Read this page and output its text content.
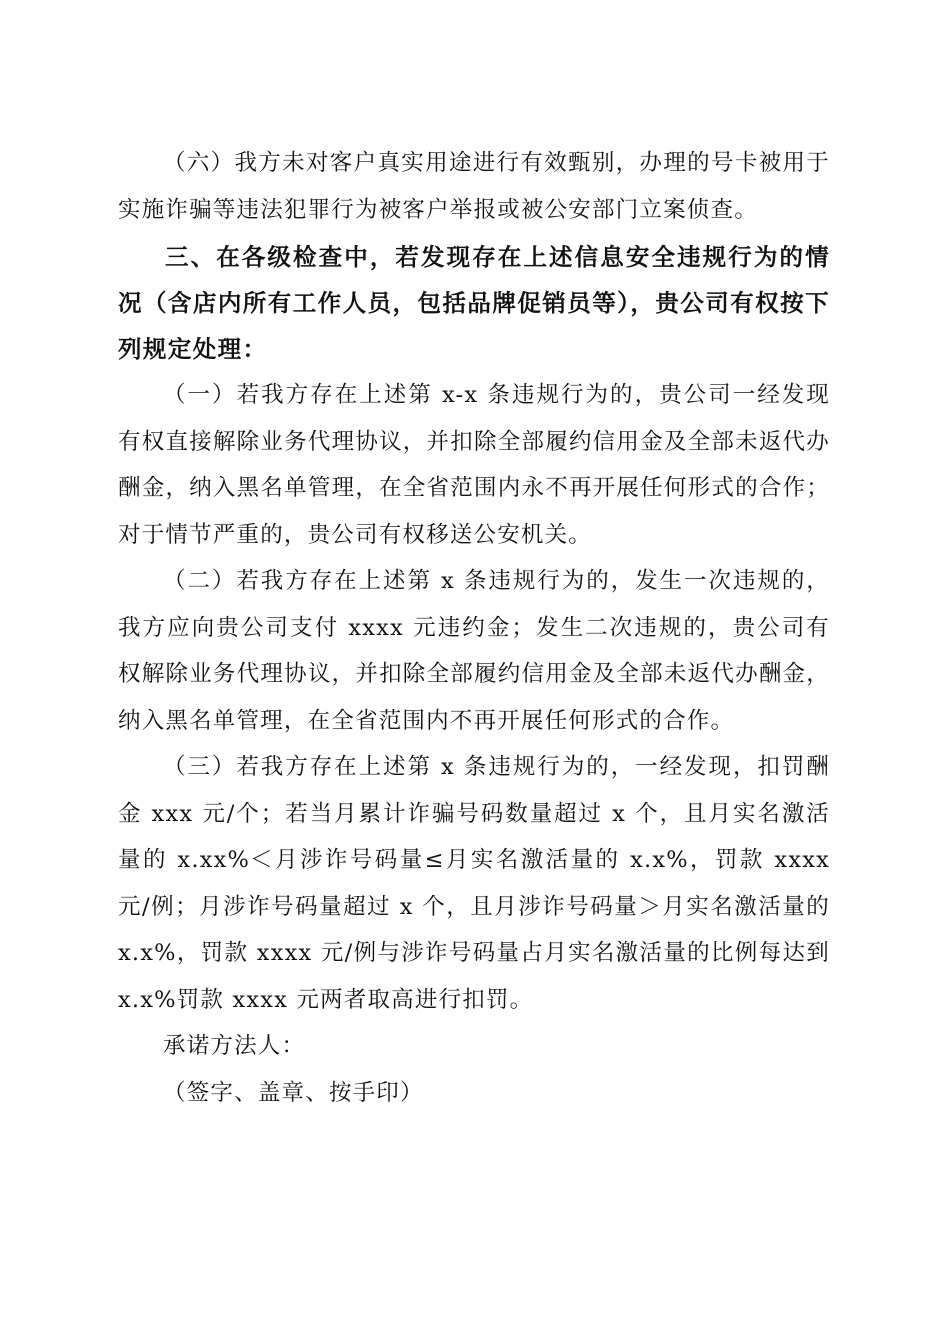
（六）我方未对客户真实用途进行有效甄别，办理的号卡被用于实施诈骗等违法犯罪行为被客户举报或被公安部门立案侦查。

三、在各级检查中，若发现存在上述信息安全违规行为的情况（含店内所有工作人员，包括品牌促销员等），贵公司有权按下列规定处理：

（一）若我方存在上述第 x-x 条违规行为的，贵公司一经发现有权直接解除业务代理协议，并扣除全部履约信用金及全部未返代办酬金，纳入黑名单管理，在全省范围内永不再开展任何形式的合作；对于情节严重的，贵公司有权移送公安机关。

（二）若我方存在上述第 x 条违规行为的，发生一次违规的，我方应向贵公司支付 xxxx 元违约金；发生二次违规的，贵公司有权解除业务代理协议，并扣除全部履约信用金及全部未返代办酬金，纳入黑名单管理，在全省范围内不再开展任何形式的合作。

（三）若我方存在上述第 x 条违规行为的，一经发现，扣罚酬金 xxx 元/个；若当月累计诈骗号码数量超过 x 个，且月实名激活量的 x.xx%＜月涉诈号码量≤月实名激活量的 x.x%，罚款 xxxx 元/例；月涉诈号码量超过 x 个，且月涉诈号码量＞月实名激活量的 x.x%，罚款 xxxx 元/例与涉诈号码量占月实名激活量的比例每达到 x.x%罚款 xxxx 元两者取高进行扣罚。

承诺方法人：

（签字、盖章、按手印）
